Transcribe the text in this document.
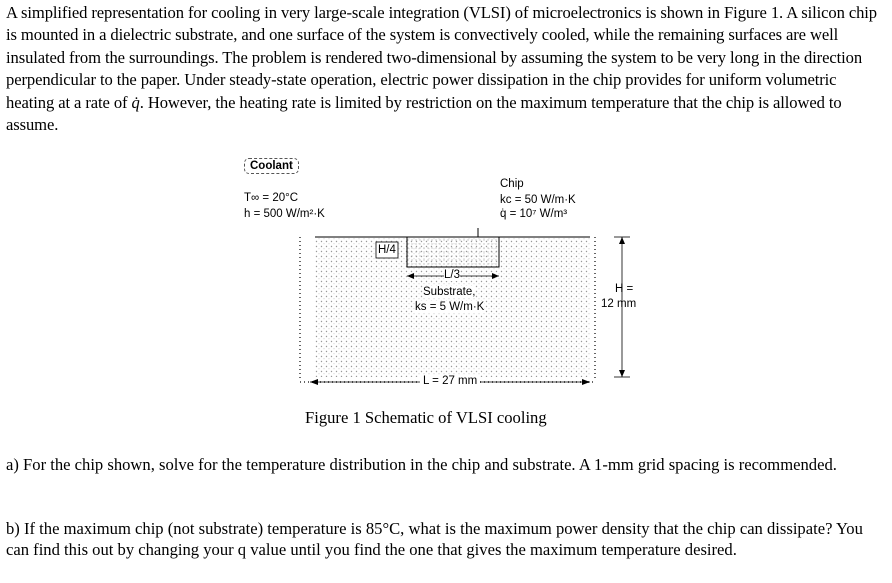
A simplified representation for cooling in very large-scale integration (VLSI) of microelectronics is shown in Figure 1. A silicon chip is mounted in a dielectric substrate, and one surface of the system is convectively cooled, while the remaining surfaces are well insulated from the surroundings. The problem is rendered two-dimensional by assuming the system to be very long in the direction perpendicular to the paper. Under steady-state operation, electric power dissipation in the chip provides for uniform volumetric heating at a rate of q̇. However, the heating rate is limited by restriction on the maximum temperature that the chip is allowed to assume.

Coolant
T∞ = 20°C
h = 500 W/m²·K
Chip
kc = 50 W/m·K
q̇ = 10⁷ W/m³
H/4
L/3
Substrate,
ks = 5 W/m·K
H =
12 mm
L = 27 mm
Figure 1 Schematic of VLSI cooling

a) For the chip shown, solve for the temperature distribution in the chip and substrate. A 1-mm grid spacing is recommended.

b) If the maximum chip (not substrate) temperature is 85°C, what is the maximum power density that the chip can dissipate? You can find this out by changing your q value until you find the one that gives the maximum temperature desired.
